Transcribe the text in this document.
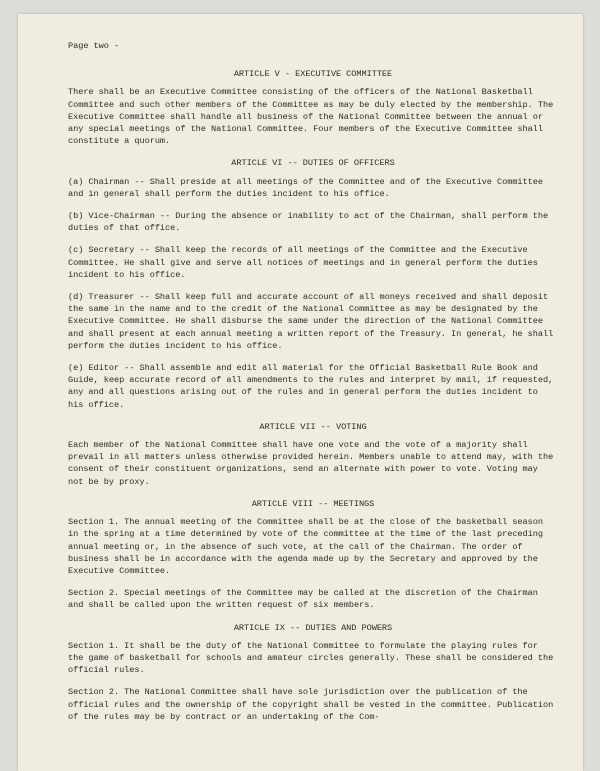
Page two -
ARTICLE V - EXECUTIVE COMMITTEE
There shall be an Executive Committee consisting of the officers of the National Basketball Committee and such other members of the Committee as may be duly elected by the membership. The Executive Committee shall handle all business of the National Committee between the annual or any special meetings of the National Committee. Four members of the Executive Committee shall constitute a quorum.
ARTICLE VI -- DUTIES OF OFFICERS
(a) Chairman -- Shall preside at all meetings of the Committee and of the Executive Committee and in general shall perform the duties incident to his office.
(b) Vice-Chairman -- During the absence or inability to act of the Chairman, shall perform the duties of that office.
(c) Secretary -- Shall keep the records of all meetings of the Committee and the Executive Committee. He shall give and serve all notices of meetings and in general perform the duties incident to his office.
(d) Treasurer -- Shall keep full and accurate account of all moneys received and shall deposit the same in the name and to the credit of the National Committee as may be designated by the Executive Committee. He shall disburse the same under the direction of the National Committee and shall present at each annual meeting a written report of the Treasury. In general, he shall perform the duties incident to his office.
(e) Editor -- Shall assemble and edit all material for the Official Basketball Rule Book and Guide, keep accurate record of all amendments to the rules and interpret by mail, if requested, any and all questions arising out of the rules and in general perform the duties incident to his office.
ARTICLE VII -- VOTING
Each member of the National Committee shall have one vote and the vote of a majority shall prevail in all matters unless otherwise provided herein. Members unable to attend may, with the consent of their constituent organizations, send an alternate with power to vote. Voting may not be by proxy.
ARTICLE VIII -- MEETINGS
Section 1. The annual meeting of the Committee shall be at the close of the basketball season in the spring at a time determined by vote of the committee at the time of the last preceding annual meeting or, in the absence of such vote, at the call of the Chairman. The order of business shall be in accordance with the agenda made up by the Secretary and approved by the Executive Committee.
Section 2. Special meetings of the Committee may be called at the discretion of the Chairman and shall be called upon the written request of six members.
ARTICLE IX -- DUTIES AND POWERS
Section 1. It shall be the duty of the National Committee to formulate the playing rules for the game of basketball for schools and amateur circles generally. These shall be considered the official rules.
Section 2. The National Committee shall have sole jurisdiction over the publication of the official rules and the ownership of the copyright shall be vested in the committee. Publication of the rules may be by contract or an undertaking of the Com-
